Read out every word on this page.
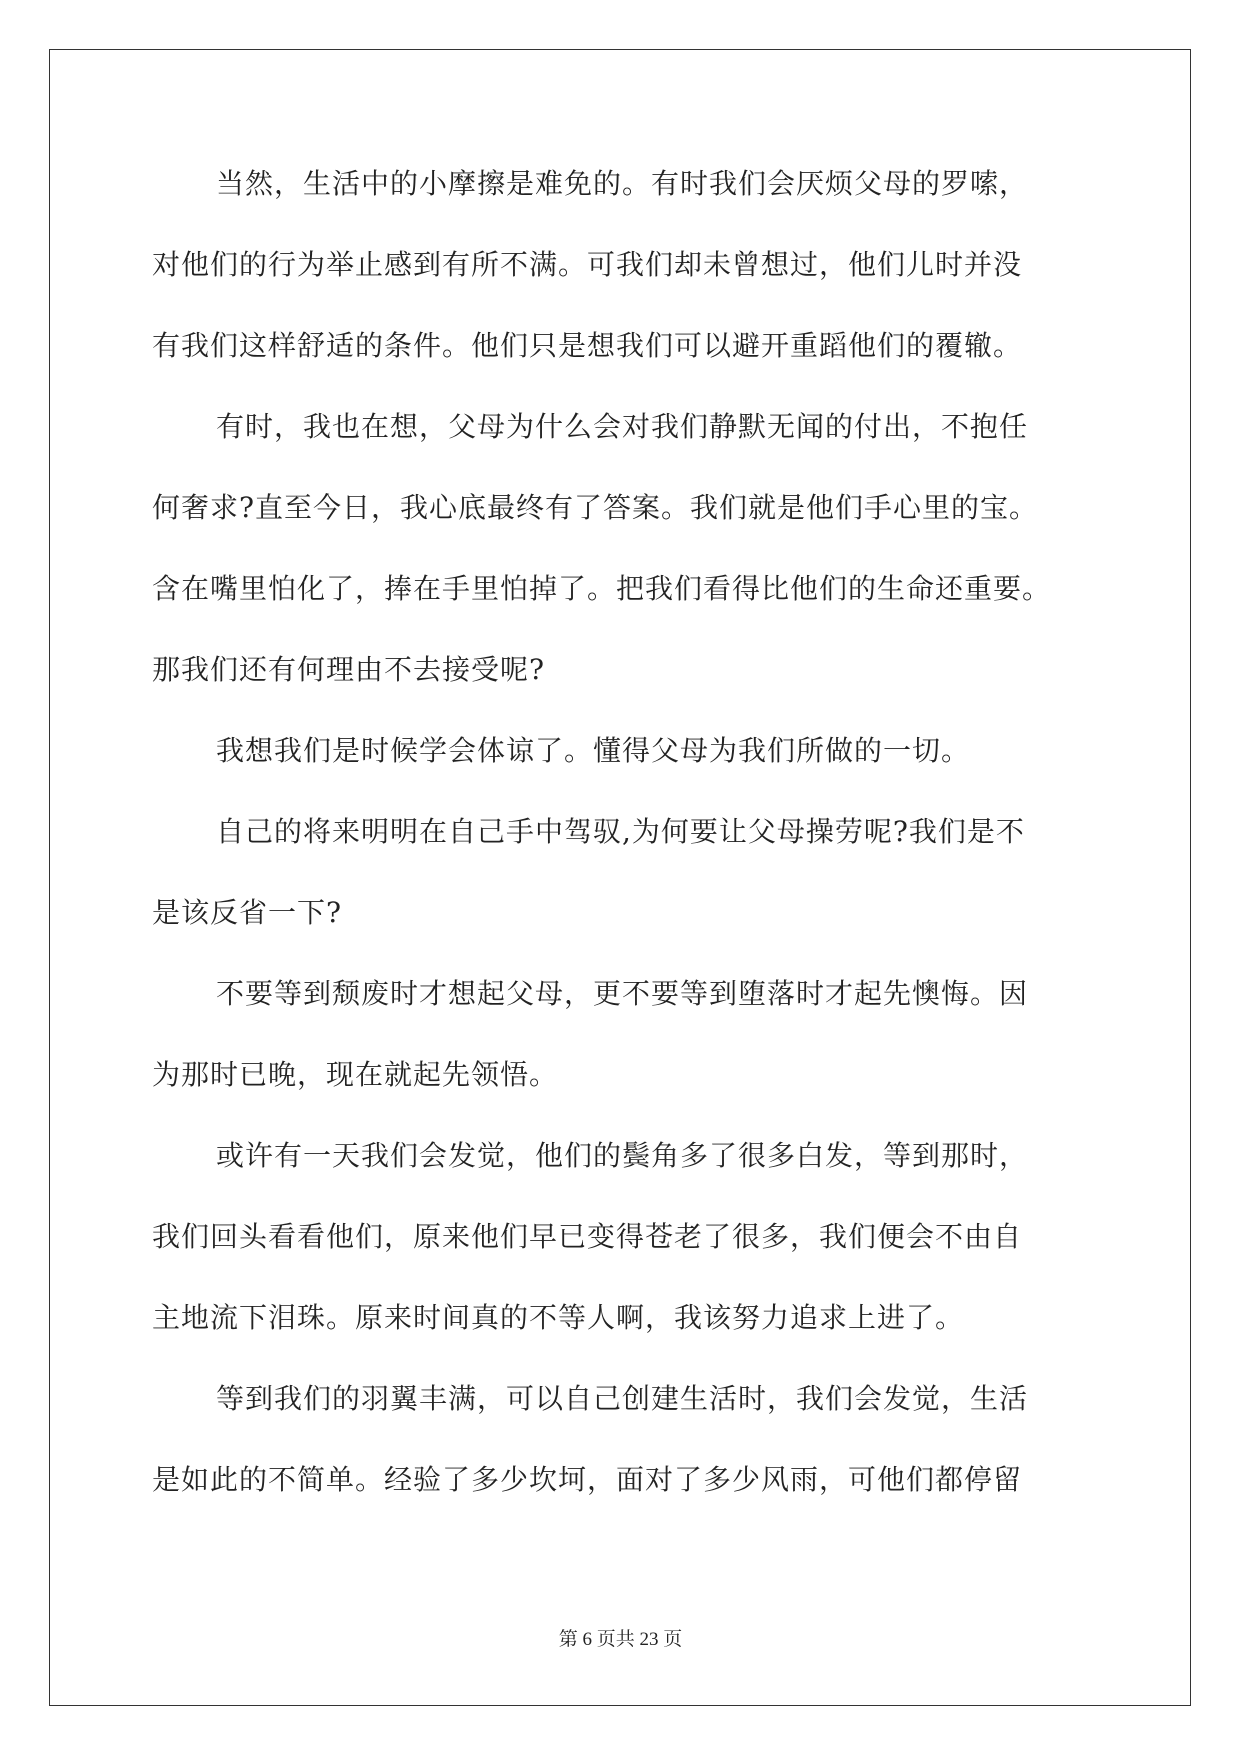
当然，生活中的小摩擦是难免的。有时我们会厌烦父母的罗嗦，
对他们的行为举止感到有所不满。可我们却未曾想过，他们儿时并没
有我们这样舒适的条件。他们只是想我们可以避开重蹈他们的覆辙。
有时，我也在想，父母为什么会对我们静默无闻的付出，不抱任
何奢求?直至今日，我心底最终有了答案。我们就是他们手心里的宝。
含在嘴里怕化了，捧在手里怕掉了。把我们看得比他们的生命还重要。
那我们还有何理由不去接受呢?
我想我们是时候学会体谅了。懂得父母为我们所做的一切。
自己的将来明明在自己手中驾驭,为何要让父母操劳呢?我们是不
是该反省一下?
不要等到颓废时才想起父母，更不要等到堕落时才起先懊悔。因
为那时已晚，现在就起先领悟。
或许有一天我们会发觉，他们的鬓角多了很多白发，等到那时，
我们回头看看他们，原来他们早已变得苍老了很多，我们便会不由自
主地流下泪珠。原来时间真的不等人啊，我该努力追求上进了。
等到我们的羽翼丰满，可以自己创建生活时，我们会发觉，生活
是如此的不简单。经验了多少坎坷，面对了多少风雨，可他们都停留
第 6 页共 23 页
